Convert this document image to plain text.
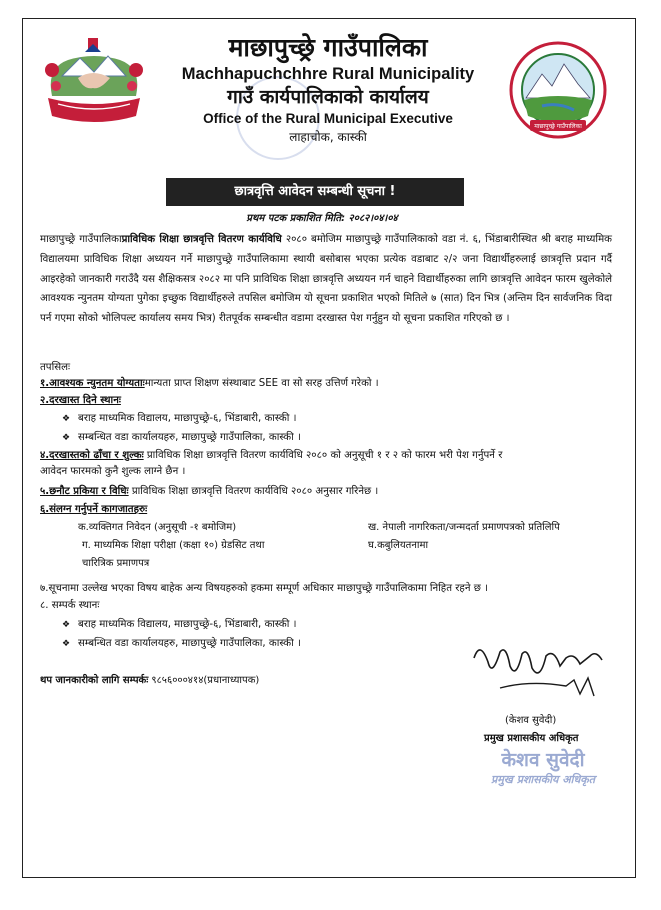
माछापुच्छ्रे गाउँपालिका
माछापुच्छ्रे गाउँपालिका
Machhapuchchhre Rural Municipality
गाउँ कार्यपालिकाको कार्यालय
Office of the Rural Municipal Executive
लाहाचोक, कास्की
छात्रवृत्ति आवेदन सम्बन्धी सूचना !
प्रथम पटक प्रकाशित मिति: २०८२।०४।०४
माछापुच्छ्रे गाउँपालिकाप्राविधिक शिक्षा छात्रवृत्ति वितरण कार्यविधि २०८० बमोजिम माछापुच्छ्रे गाउँपालिकाको वडा नं. ६, भिंडाबारीस्थित श्री बराह माध्यमिक विद्यालयमा प्राविधिक शिक्षा अध्ययन गर्ने माछापुच्छ्रे गाउँपालिकामा स्थायी बसोबास भएका प्रत्येक वडाबाट २/२ जना विद्यार्थीहरुलाई छात्रवृत्ति प्रदान गर्दै आइरहेको जानकारी गराउँदै यस शैक्षिकसत्र २०८२ मा पनि प्राविधिक शिक्षा छात्रवृत्ति अध्ययन गर्न चाहने विद्यार्थीहरुका लागि छात्रवृत्ति आवेदन फारम खुलेकोले आवश्यक न्युनतम योग्यता पुगेका इच्छुक विद्यार्थीहरुले तपसिल बमोजिम यो सूचना प्रकाशित भएको मितिले ७ (सात) दिन भित्र (अन्तिम दिन सार्वजनिक विदा पर्न गएमा सोको भोलिपल्ट कार्यालय समय भित्र) रीतपूर्वक सम्बन्धीत वडामा दरखास्त पेश गर्नुहुन यो सूचना प्रकाशित गरिएको छ ।
तपसिलः
१.आवश्यक न्युनतम योग्यताःमान्यता प्राप्त शिक्षण संस्थाबाट SEE वा सो सरह उत्तिर्ण गरेको ।
२.दरखास्त दिने स्थानः
❖ बराह माध्यमिक विद्यालय, माछापुच्छ्रे-६, भिंडाबारी, कास्की ।
❖ सम्बन्धित वडा कार्यालयहरु, माछापुच्छ्रे गाउँपालिका, कास्की ।
४.दरखास्तको ढाँचा र शुल्कः प्राविधिक शिक्षा छात्रवृत्ति वितरण कार्यविधि २०८० को अनुसूची १ र २ को फारम भरी पेश गर्नुपर्ने र
आवेदन फारमको कुनै शुल्क लाग्ने छैन ।
५.छनौट प्रकिया र विधिः प्राविधिक शिक्षा छात्रवृत्ति वितरण कार्यविधि २०८० अनुसार गरिनेछ ।
६.संलग्न गर्नुपर्ने कागजातहरुः
क.व्यक्तिगत निवेदन (अनुसूची -१ बमोजिम)	ख. नेपाली नागरिकता/जन्मदर्ता प्रमाणपत्रको प्रतिलिपि
ग. माध्यमिक शिक्षा परीक्षा (कक्षा १०) ग्रेडसिट तथा	घ.कबुलियतनामा
चारित्रिक प्रमाणपत्र
७.सूचनामा उल्लेख भएका विषय बाहेक अन्य विषयहरुको हकमा सम्पूर्ण अधिकार माछापुच्छ्रे गाउँपालिकामा निहित रहने छ ।
८. सम्पर्क स्थानः
❖ बराह माध्यमिक विद्यालय, माछापुच्छ्रे-६, भिंडाबारी, कास्की ।
❖ सम्बन्धित वडा कार्यालयहरु, माछापुच्छ्रे गाउँपालिका, कास्की ।
थप जानकारीको लागि सम्पर्कः ९८५६०००४१४(प्रधानाध्यापक)
(केशव सुवेदी)
प्रमुख प्रशासकीय अधिकृत
केशव सुवेदी
प्रमुख प्रशासकीय अधिकृत
